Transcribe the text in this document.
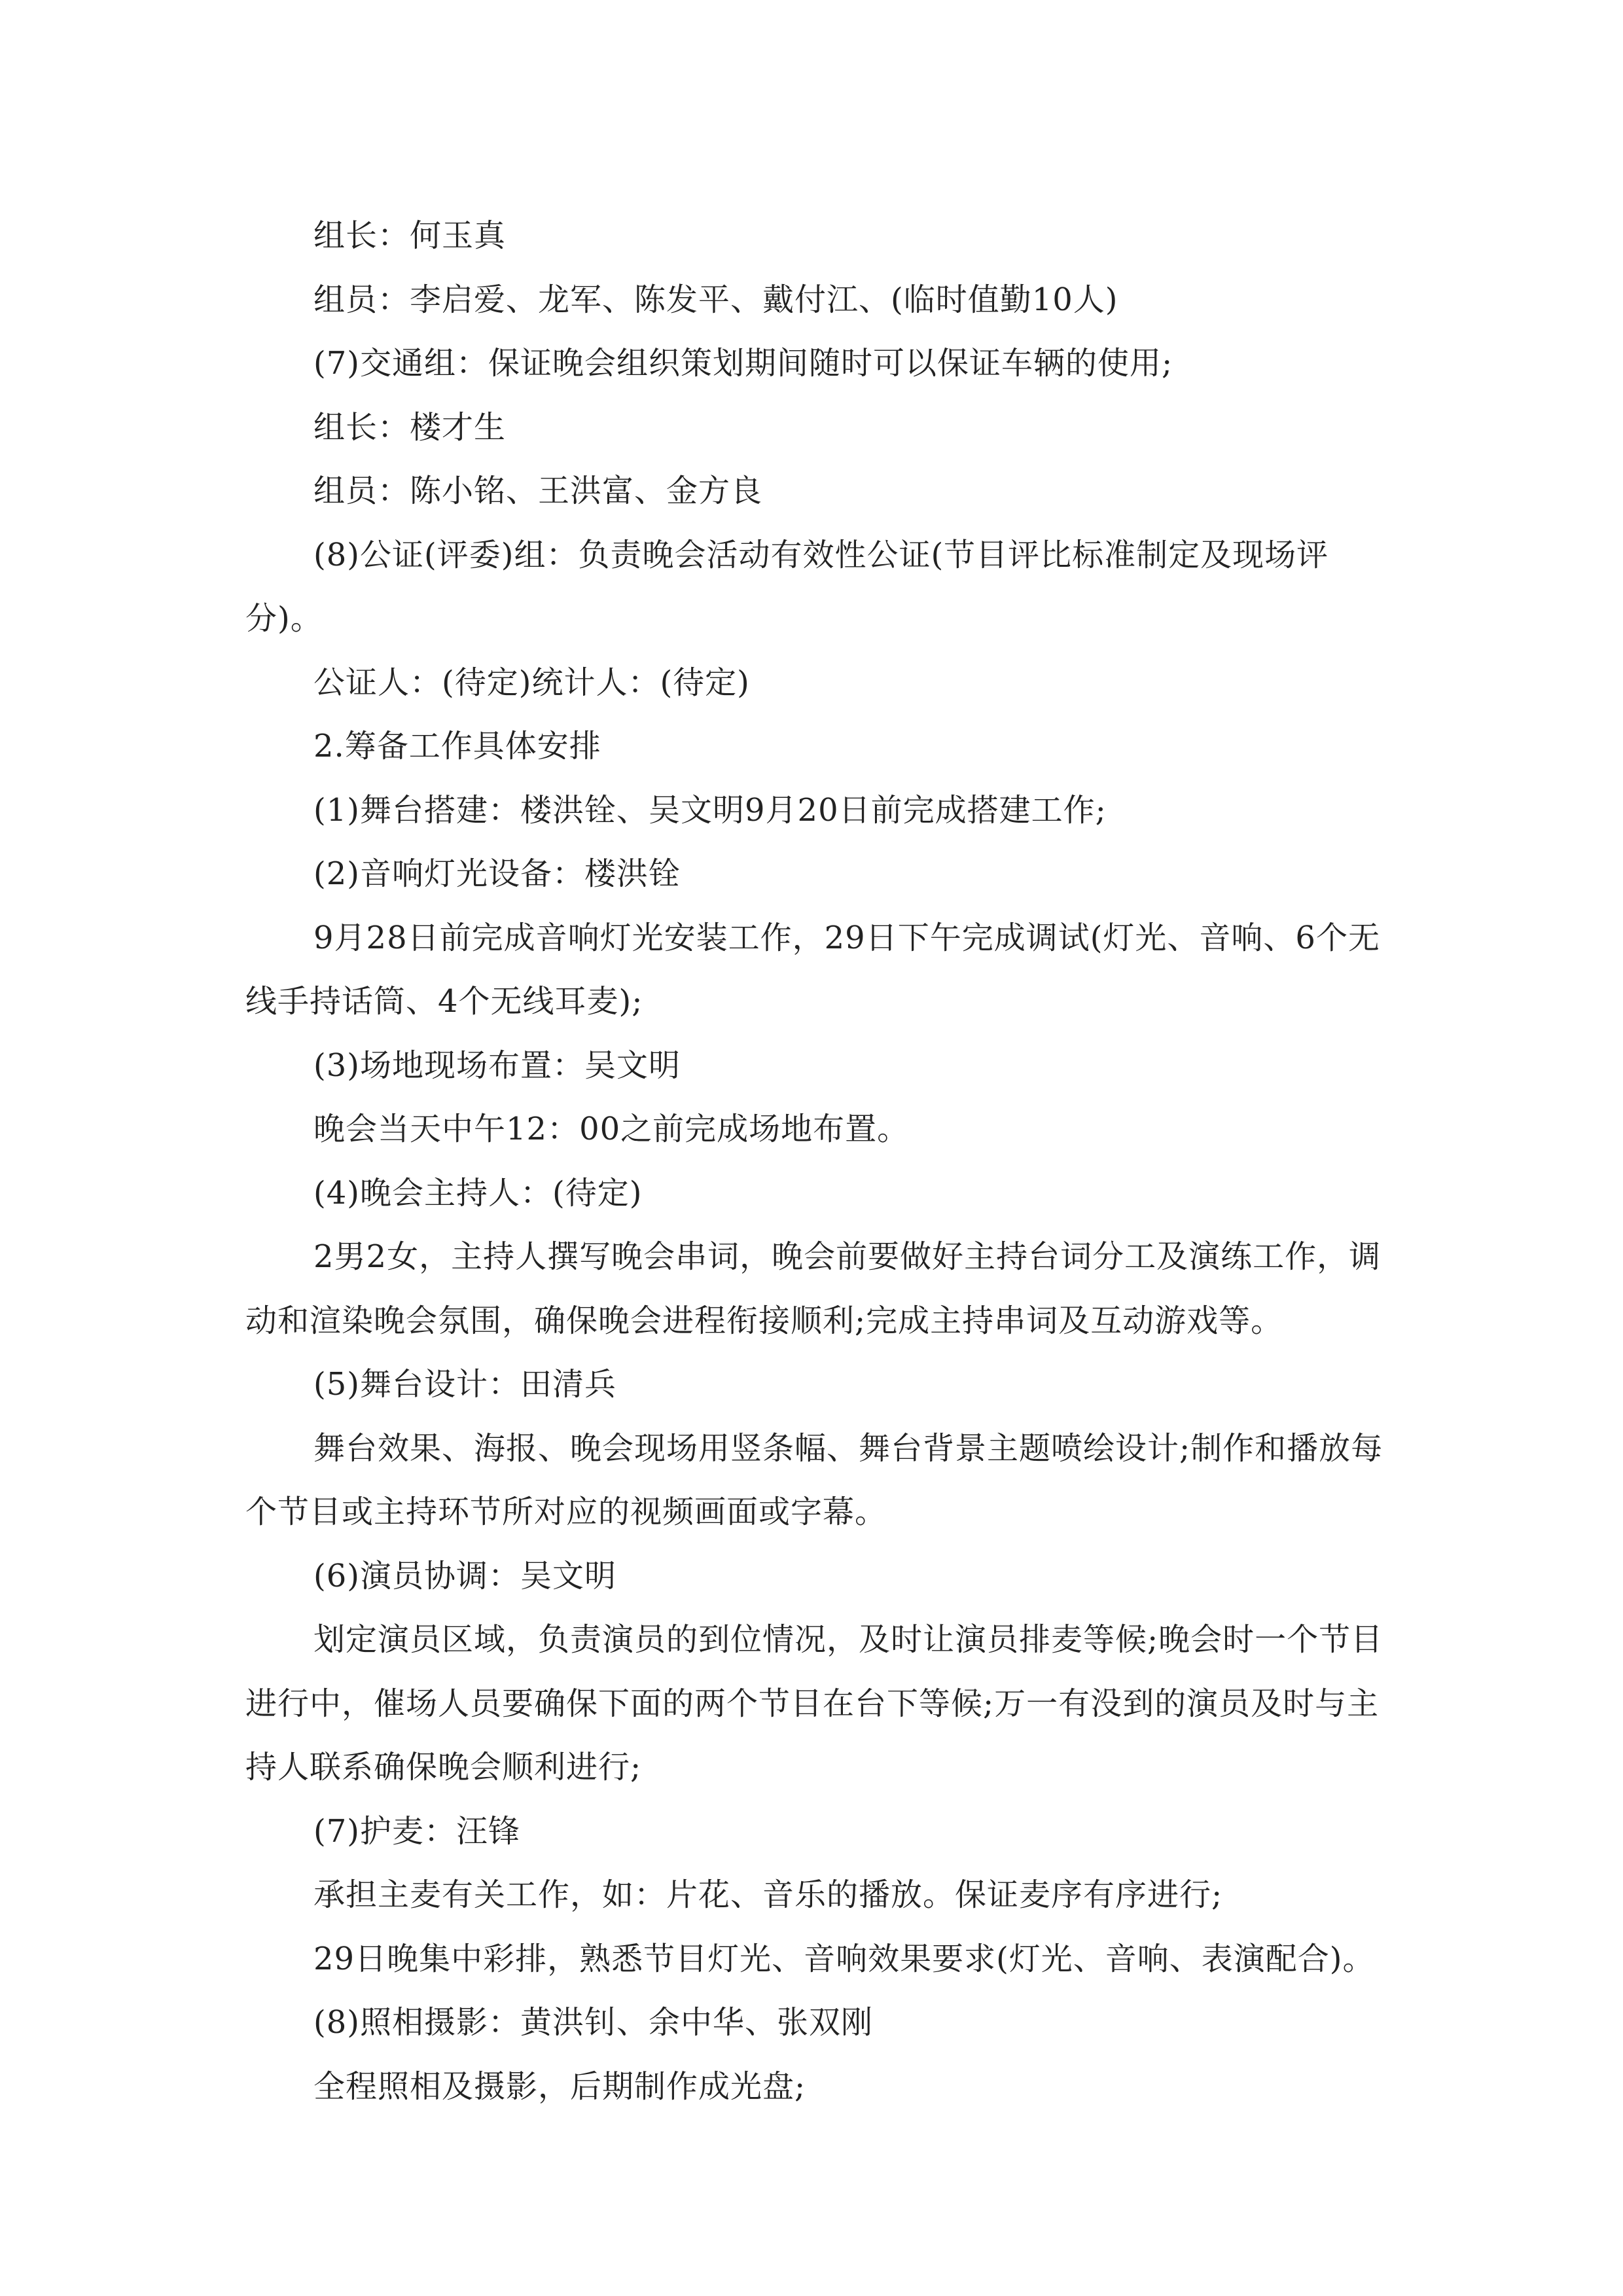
组长：何玉真

组员：李启爱、龙军、陈发平、戴付江、(临时值勤10人)

(7)交通组：保证晚会组织策划期间随时可以保证车辆的使用;

组长：楼才生

组员：陈小铭、王洪富、金方良

(8)公证(评委)组：负责晚会活动有效性公证(节目评比标准制定及现场评分)。

公证人：(待定)统计人：(待定)

2.筹备工作具体安排

(1)舞台搭建：楼洪铨、吴文明9月20日前完成搭建工作;

(2)音响灯光设备：楼洪铨

9月28日前完成音响灯光安装工作，29日下午完成调试(灯光、音响、6个无线手持话筒、4个无线耳麦);

(3)场地现场布置：吴文明

晚会当天中午12：00之前完成场地布置。

(4)晚会主持人：(待定)

2男2女，主持人撰写晚会串词，晚会前要做好主持台词分工及演练工作，调动和渲染晚会氛围，确保晚会进程衔接顺利;完成主持串词及互动游戏等。

(5)舞台设计：田清兵

舞台效果、海报、晚会现场用竖条幅、舞台背景主题喷绘设计;制作和播放每个节目或主持环节所对应的视频画面或字幕。

(6)演员协调：吴文明

划定演员区域，负责演员的到位情况，及时让演员排麦等候;晚会时一个节目进行中，催场人员要确保下面的两个节目在台下等候;万一有没到的演员及时与主持人联系确保晚会顺利进行;

(7)护麦：汪锋

承担主麦有关工作，如：片花、音乐的播放。保证麦序有序进行;

29日晚集中彩排，熟悉节目灯光、音响效果要求(灯光、音响、表演配合)。

(8)照相摄影：黄洪钊、余中华、张双刚

全程照相及摄影，后期制作成光盘;
